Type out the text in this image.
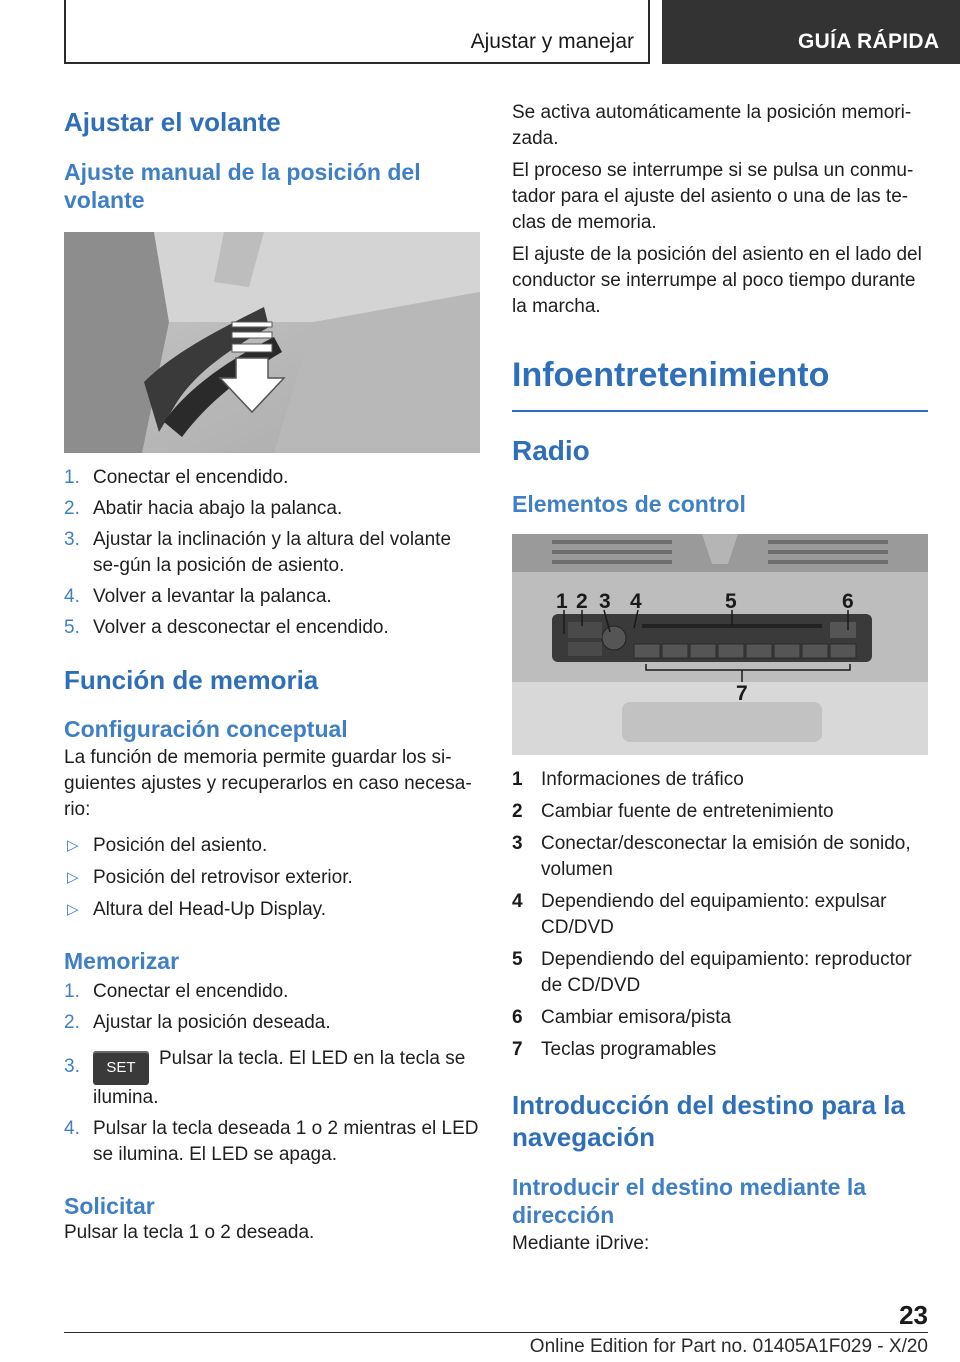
Ajustar y manejar	GUÍA RÁPIDA
Ajustar el volante
Ajuste manual de la posición del volante
1. Conectar el encendido.
2. Abatir hacia abajo la palanca.
3. Ajustar la inclinación y la altura del volante se‐gún la posición de asiento.
4. Volver a levantar la palanca.
5. Volver a desconectar el encendido.
Función de memoria
Configuración conceptual
La función de memoria permite guardar los si‐guientes ajustes y recuperarlos en caso necesa‐rio:
▷ Posición del asiento.
▷ Posición del retrovisor exterior.
▷ Altura del Head-Up Display.
Memorizar
1. Conectar el encendido.
2. Ajustar la posición deseada.
3.	SET Pulsar la tecla. El LED en la tecla se ilumina.
4. Pulsar la tecla deseada 1 o 2 mientras el LED se ilumina. El LED se apaga.
Solicitar
Pulsar la tecla 1 o 2 deseada.
Se activa automáticamente la posición memori‐zada.
El proceso se interrumpe si se pulsa un conmu‐tador para el ajuste del asiento o una de las te‐clas de memoria.
El ajuste de la posición del asiento en el lado del conductor se interrumpe al poco tiempo durante la marcha.
Infoentretenimiento
Radio
Elementos de control
1 2 3 4	5	6
7
1 Informaciones de tráfico
2 Cambiar fuente de entretenimiento
3 Conectar/desconectar la emisión de sonido, volumen
4 Dependiendo del equipamiento: expulsar CD/DVD
5 Dependiendo del equipamiento: reproductor de CD/DVD
6 Cambiar emisora/pista
7 Teclas programables
Introducción del destino para la navegación
Introducir el destino mediante la dirección
Mediante iDrive:
23
Online Edition for Part no. 01405A1F029 - X/20
